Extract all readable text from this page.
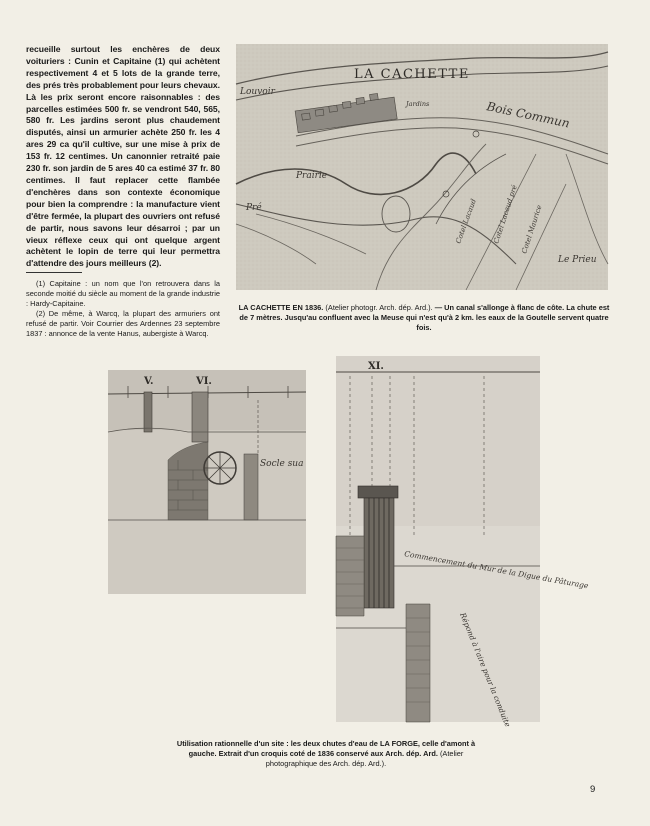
recueille surtout les enchères de deux voituriers : Cunin et Capitaine (1) qui achètent respectivement 4 et 5 lots de la grande terre, des prés très probablement pour leurs chevaux. Là les prix seront encore raisonnables : des parcelles estimées 500 fr. se vendront 540, 565, 580 fr. Les jardins seront plus chaudement disputés, ainsi un armurier achète 250 fr. les 4 ares 29 ca qu'il cultive, sur une mise à prix de 153 fr. 12 centimes. Un canonnier retraité paie 230 fr. son jardin de 5 ares 40 ca estimé 37 fr. 80 centimes. Il faut replacer cette flambée d'enchères dans son contexte économique pour bien la comprendre : la manufacture vient d'être fermée, la plupart des ouvriers ont refusé de partir, nous savons leur désarroi ; par un vieux réflexe ceux qui ont quelque argent achètent le lopin de terre qui leur permettra d'attendre des jours meilleurs (2).

(1) Capitaine : un nom que l'on retrouvera dans la seconde moitié du siècle au moment de la grande industrie : Hardy-Capitaine.

(2) De même, à Warcq, la plupart des armuriers ont refusé de partir. Voir Courrier des Ardennes 23 septembre 1837 : annonce de la vente Hanus, aubergiste à Warcq.

LA CACHETTE
Louvoir
Bois Commun
Prairie
Pré
Jardins
Le Prieu
Cotel Lacaud Cotel Lacaud pré Cotel Maurice
LA CACHETTE EN 1836. (Atelier photogr. Arch. dép. Ard.). — Un canal s'allonge à flanc de côte. La chute est de 7 mètres. Jusqu'au confluent avec la Meuse qui n'est qu'à 2 km. les eaux de la Goutelle servent quatre fois.
V.	VI.
Socle sua
XI.
Commencement du Mur de la Digue du Pâturage
Répond à l'aire pour la conduite
Utilisation rationnelle d'un site : les deux chutes d'eau de LA FORGE, celle d'amont à gauche. Extrait d'un croquis coté de 1836 conservé aux Arch. dép. Ard. (Atelier photographique des Arch. dép. Ard.).
9
